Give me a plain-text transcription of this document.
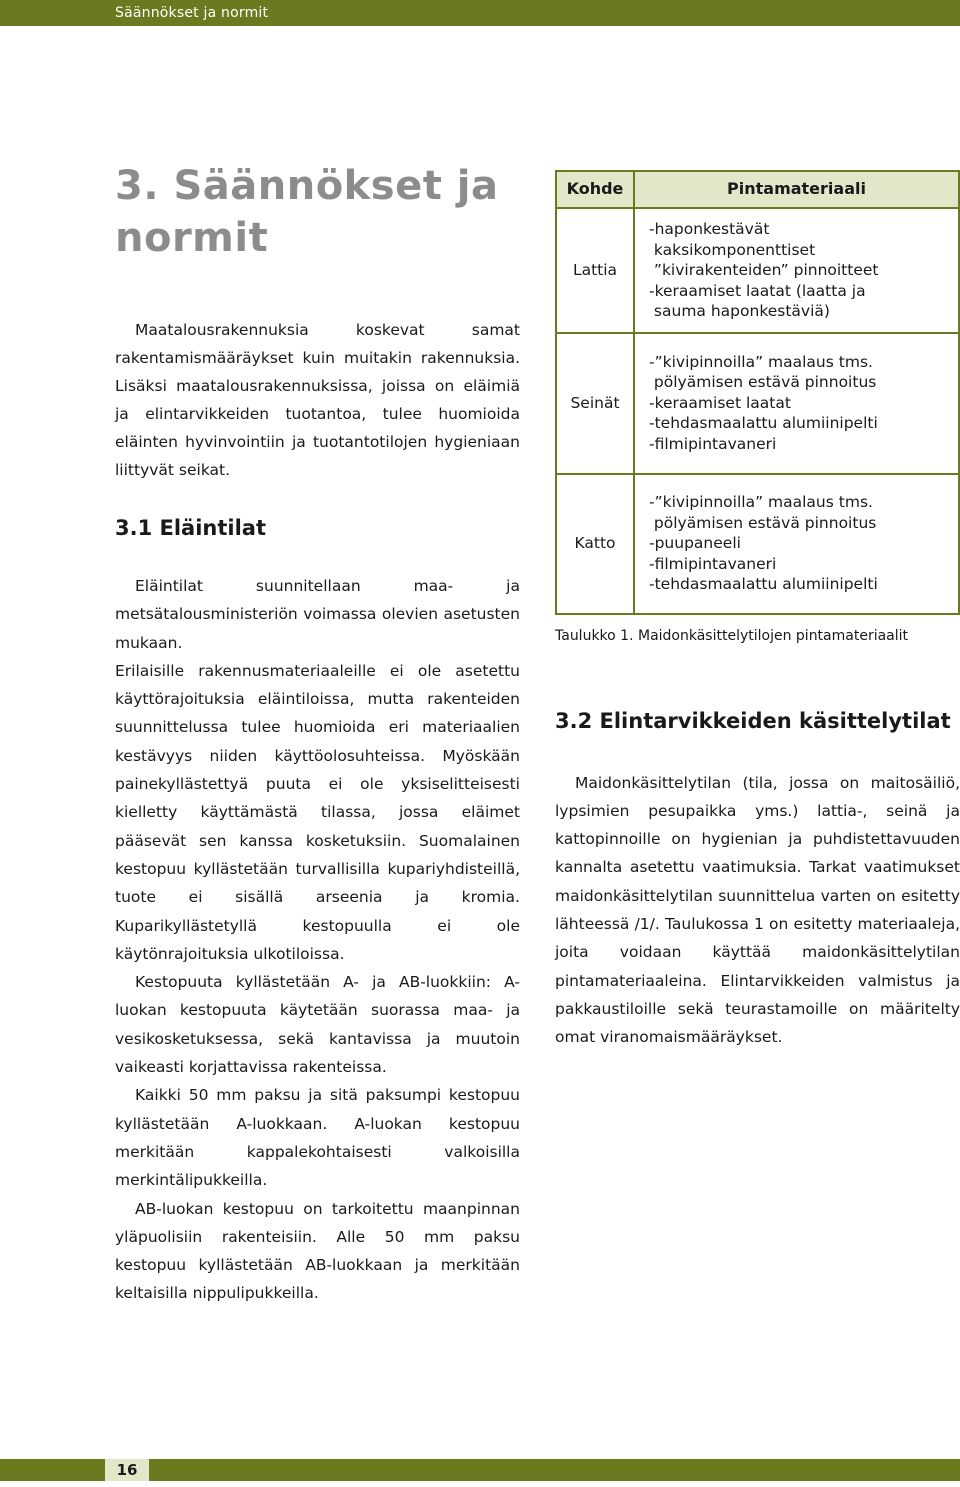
Säännökset ja normit
3. Säännökset ja normit

Maatalousrakennuksia koskevat samat rakentamismääräykset kuin muitakin rakennuksia. Lisäksi maatalousrakennuksissa, joissa on eläimiä ja elintarvikkeiden tuotantoa, tulee huomioida eläinten hyvinvointiin ja tuotantotilojen hygieniaan liittyvät seikat.

3.1 Eläintilat

Eläintilat suunnitellaan maa- ja metsätalousministeriön voimassa olevien asetusten mukaan.

Erilaisille rakennusmateriaaleille ei ole asetettu käyttörajoituksia eläintiloissa, mutta rakenteiden suunnittelussa tulee huomioida eri materiaalien kestävyys niiden käyttöolosuhteissa. Myöskään painekyllästettyä puuta ei ole yksiselitteisesti kielletty käyttämästä tilassa, jossa eläimet pääsevät sen kanssa kosketuksiin. Suomalainen kestopuu kyllästetään turvallisilla kupariyhdisteillä, tuote ei sisällä arseenia ja kromia. Kuparikyllästetyllä kestopuulla ei ole käytönrajoituksia ulkotiloissa.

Kestopuuta kyllästetään A- ja AB-luokkiin: A-luokan kestopuuta käytetään suorassa maa- ja vesikosketuksessa, sekä kantavissa ja muutoin vaikeasti korjattavissa rakenteissa.

Kaikki 50 mm paksu ja sitä paksumpi kestopuu kyllästetään A-luokkaan. A-luokan kestopuu merkitään kappalekohtaisesti valkoisilla merkintälipukkeilla.

AB-luokan kestopuu on tarkoitettu maanpinnan yläpuolisiin rakenteisiin. Alle 50 mm paksu kestopuu kyllästetään AB-luokkaan ja merkitään keltaisilla nippulipukkeilla.

Kohde	Pintamateriaali
Lattia	-haponkestävät
kaksikomponenttiset
”kivirakenteiden” pinnoitteet
-keraamiset laatat (laatta ja
sauma haponkestäviä)

Seinät	-”kivipinnoilla” maalaus tms.
pölyämisen estävä pinnoitus
-keraamiset laatat
-tehdasmaalattu alumiinipelti
-filmipintavaneri

Katto	-”kivipinnoilla” maalaus tms.
pölyämisen estävä pinnoitus
-puupaneeli
-filmipintavaneri
-tehdasmaalattu alumiinipelti

Taulukko 1. Maidonkäsittelytilojen pintamateriaalit

3.2 Elintarvikkeiden käsittelytilat

Maidonkäsittelytilan (tila, jossa on maitosäiliö, lypsimien pesupaikka yms.) lattia-, seinä ja kattopinnoille on hygienian ja puhdistettavuuden kannalta asetettu vaatimuksia. Tarkat vaatimukset maidonkäsittelytilan suunnittelua varten on esitetty lähteessä /1/. Taulukossa 1 on esitetty materiaaleja, joita voidaan käyttää maidonkäsittelytilan pintamateriaaleina. Elintarvikkeiden valmistus ja pakkaustiloille sekä teurastamoille on määritelty omat viranomaismääräykset.

16
